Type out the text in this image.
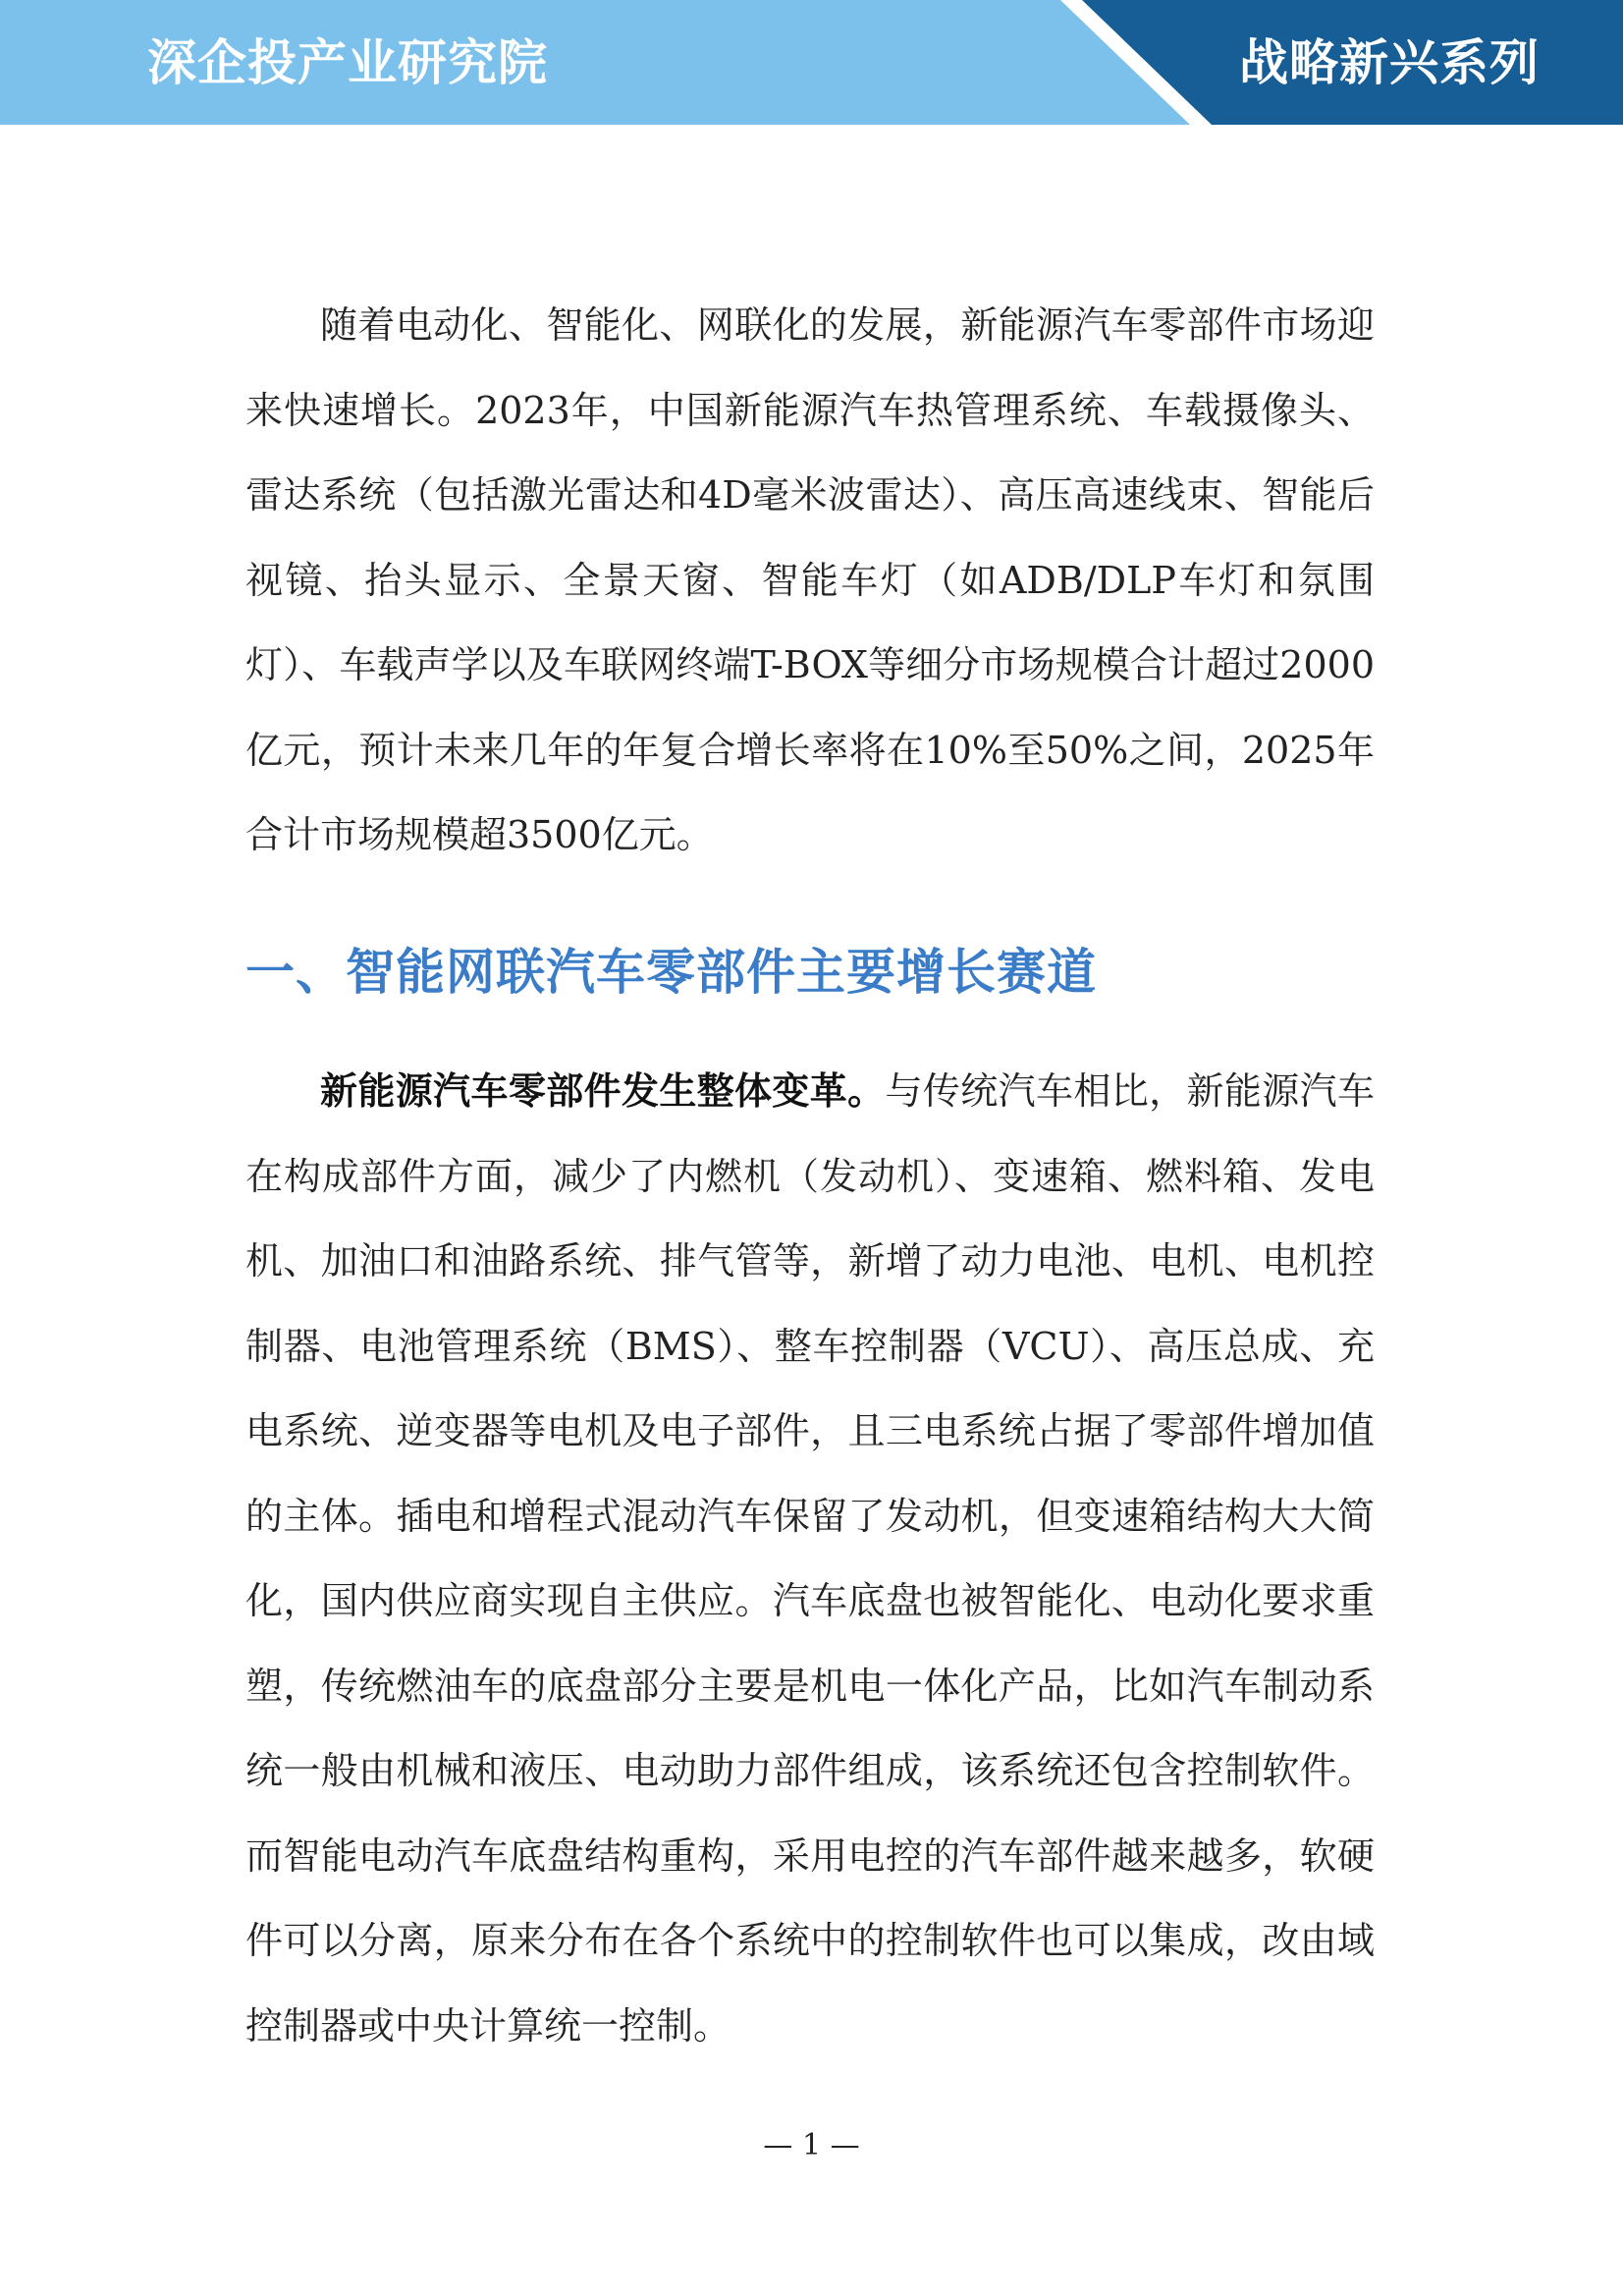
深企投产业研究院	战略新兴系列

随着电动化、智能化、网联化的发展，新能源汽车零部件市场迎来快速增长。2023年，中国新能源汽车热管理系统、车载摄像头、雷达系统（包括激光雷达和4D毫米波雷达）、高压高速线束、智能后视镜、抬头显示、全景天窗、智能车灯（如ADB/DLP车灯和氛围灯）、车载声学以及车联网终端T-BOX等细分市场规模合计超过2000亿元，预计未来几年的年复合增长率将在10%至50%之间，2025年合计市场规模超3500亿元。

一、智能网联汽车零部件主要增长赛道

新能源汽车零部件发生整体变革。与传统汽车相比，新能源汽车在构成部件方面，减少了内燃机（发动机）、变速箱、燃料箱、发电机、加油口和油路系统、排气管等，新增了动力电池、电机、电机控制器、电池管理系统（BMS）、整车控制器（VCU）、高压总成、充电系统、逆变器等电机及电子部件，且三电系统占据了零部件增加值的主体。插电和增程式混动汽车保留了发动机，但变速箱结构大大简化，国内供应商实现自主供应。汽车底盘也被智能化、电动化要求重塑，传统燃油车的底盘部分主要是机电一体化产品，比如汽车制动系统一般由机械和液压、电动助力部件组成，该系统还包含控制软件。而智能电动汽车底盘结构重构，采用电控的汽车部件越来越多，软硬件可以分离，原来分布在各个系统中的控制软件也可以集成，改由域控制器或中央计算统一控制。

— 1 —
